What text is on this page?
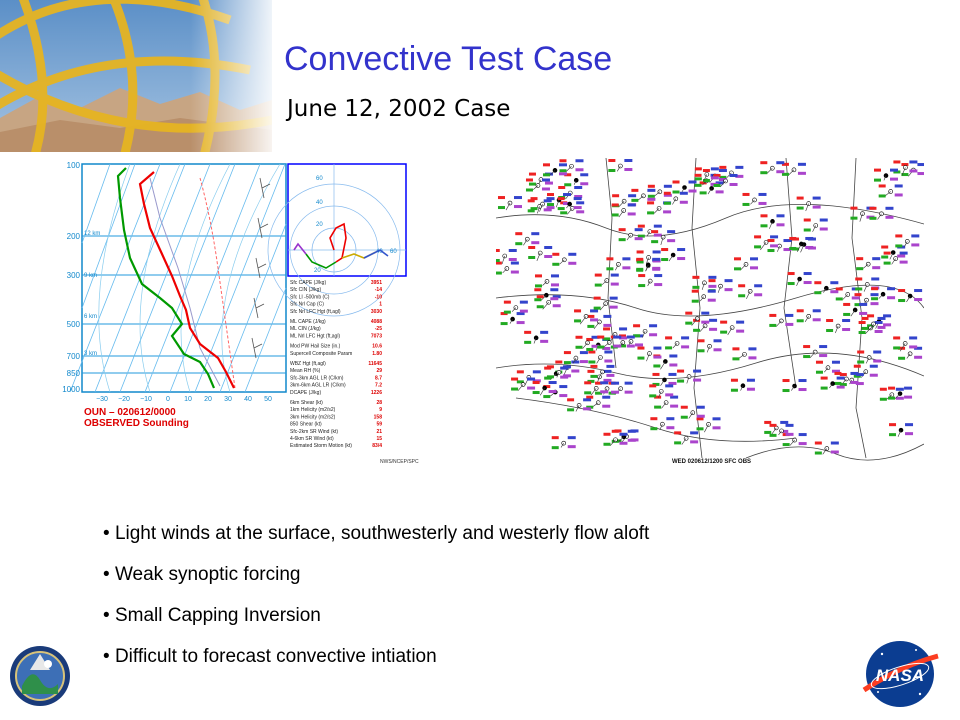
Convective Test Case
June 12, 2002 Case
100
200
300
500
700
850
1000
12 km
9 km
6 km
3 km
−30 −20 −10 0 10 20 30 40 50
60
40
20
20
40 60
OUN – 020612/0000
OBSERVED Sounding
NWS/NCEP/SPC
Sfc CAPE (J/kg)	3951
Sfc CIN (J/kg)	-14
Sfc LI -500mb (C)	-10
Sfc Nrl Cap (C)	1
Sfc Nrl LFC Hgt (ft,agl)	3030
ML CAPE (J/kg)	4088
ML CIN (J/kg)	-25
ML Nrl LFC Hgt (ft,agl)	7073
Mod PW Hail Size (in.)	10.6
Supercell Composite Param	1.80
WBZ Hgt (ft,agl)	11645
Mean RH (%)	29
Sfc-3km AGL LR (C/km)	8.7
3km-6km AGL LR (C/km)	7.2
DCAPE (J/kg)	1226
6km Shear (kt)	28
1km Helicity (m2/s2)	9
3km Helicity (m2/s2)	158
850 Shear (kt)	59
Sfc-2km SR Wind (kt)	21
4-6km SR Wind (kt)	15
Estimated Storm Motion (kt)	83/4
WED 020612/1200 SFC OBS
• Light winds at the surface, southwesterly and westerly flow aloft
• Weak synoptic forcing
• Small Capping Inversion
• Difficult to forecast convective intiation
NASA
